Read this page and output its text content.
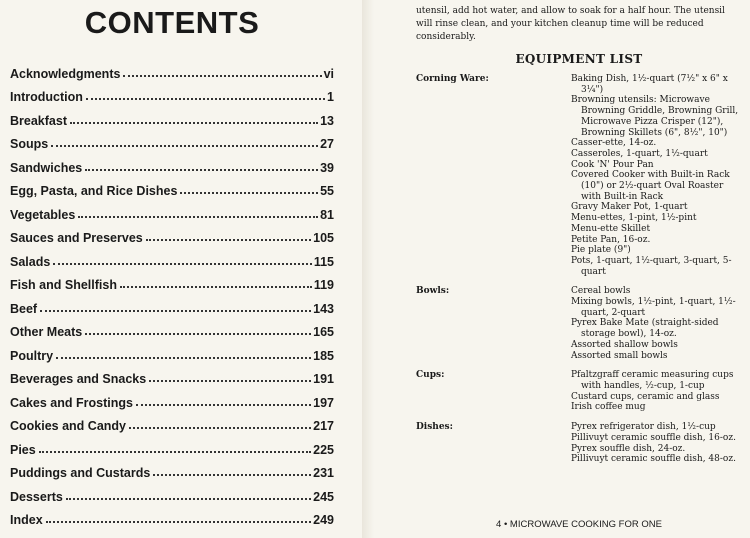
CONTENTS
Acknowledgments	vi
Introduction	1
Breakfast	13
Soups	27
Sandwiches	39
Egg, Pasta, and Rice Dishes	55
Vegetables	81
Sauces and Preserves	105
Salads	115
Fish and Shellfish	119
Beef	143
Other Meats	165
Poultry	185
Beverages and Snacks	191
Cakes and Frostings	197
Cookies and Candy	217
Pies	225
Puddings and Custards	231
Desserts	245
Index	249

utensil, add hot water, and allow to soak for a half hour. The utensil will rinse clean, and your kitchen cleanup time will be reduced considerably.

EQUIPMENT LIST
Corning Ware:	Baking Dish, 1½-quart (7½" x 6" x 3¼")
Browning utensils: Microwave Browning Griddle, Browning Grill, Microwave Pizza Crisper (12"), Browning Skillets (6", 8½", 10")
Casser-ette, 14-oz.
Casseroles, 1-quart, 1½-quart
Cook 'N' Pour Pan
Covered Cooker with Built-in Rack (10") or 2½-quart Oval Roaster with Built-in Rack
Gravy Maker Pot, 1-quart
Menu-ettes, 1-pint, 1½-pint
Menu-ette Skillet
Petite Pan, 16-oz.
Pie plate (9")
Pots, 1-quart, 1½-quart, 3-quart, 5-quart
Bowls:	Cereal bowls
Mixing bowls, 1½-pint, 1-quart, 1½-quart, 2-quart
Pyrex Bake Mate (straight-sided storage bowl), 14-oz.
Assorted shallow bowls
Assorted small bowls
Cups:	Pfaltzgraff ceramic measuring cups with handles, ½-cup, 1-cup
Custard cups, ceramic and glass
Irish coffee mug
Dishes:	Pyrex refrigerator dish, 1½-cup
Pillivuyt ceramic souffle dish, 16-oz.
Pyrex souffle dish, 24-oz.
Pillivuyt ceramic souffle dish, 48-oz.
4 • MICROWAVE COOKING FOR ONE
